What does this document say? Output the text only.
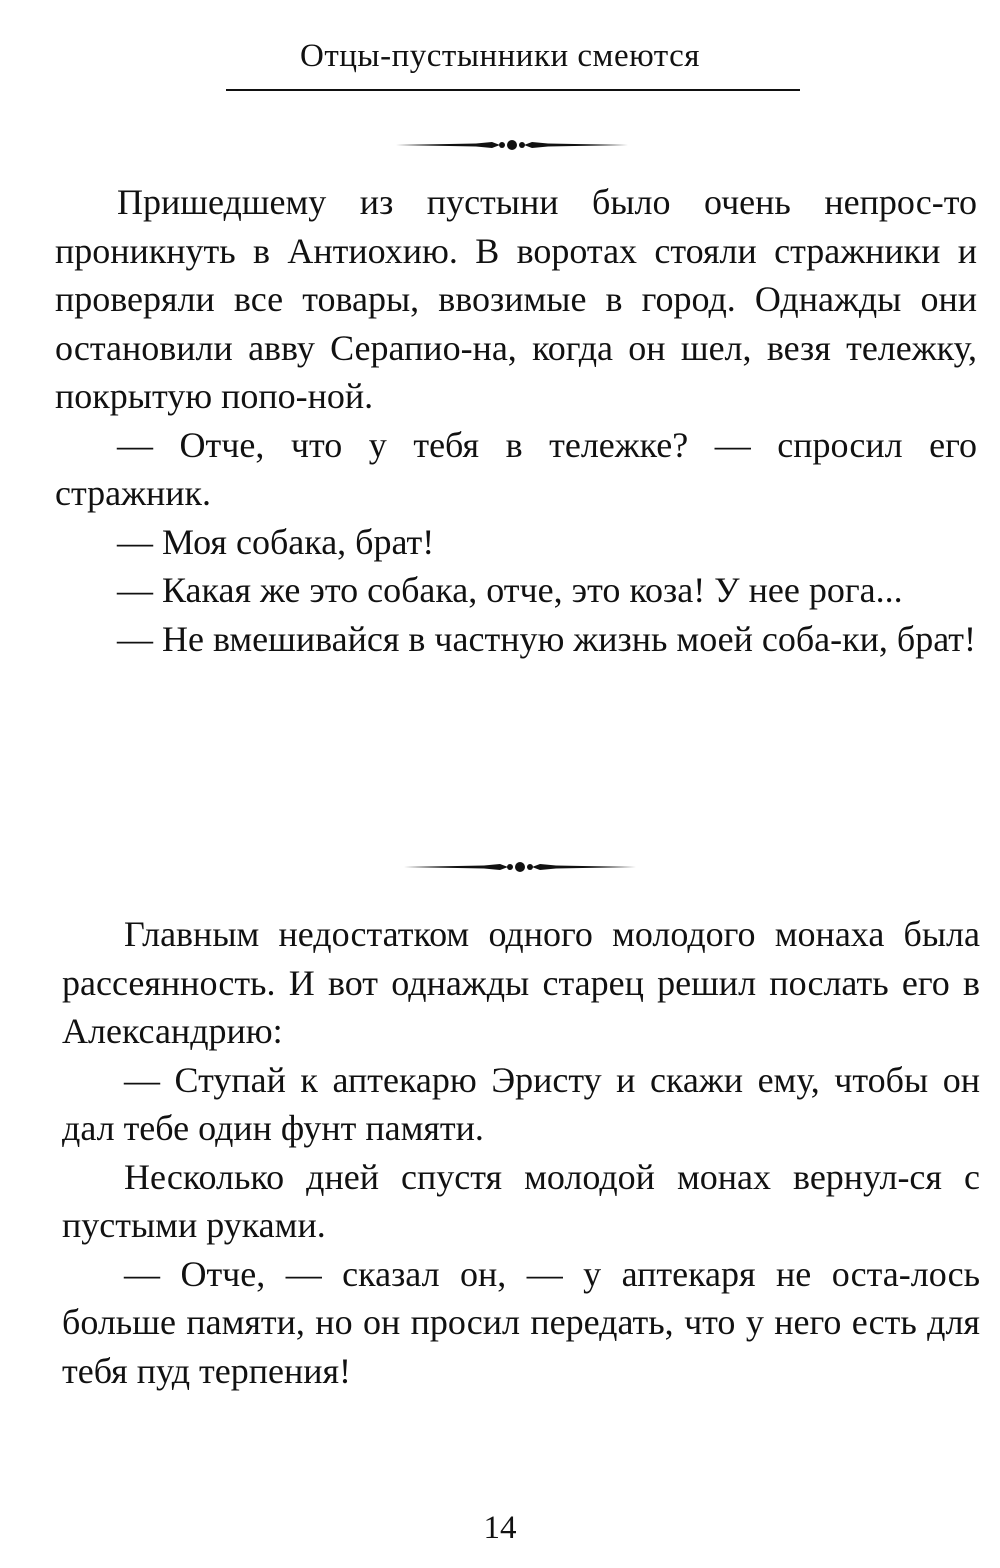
Отцы-пустынники смеются

Пришедшему из пустыни было очень непрос-то проникнуть в Антиохию. В воротах стояли стражники и проверяли все товары, ввозимые в город. Однажды они остановили авву Серапио-на, когда он шел, везя тележку, покрытую попо-ной.

— Отче, что у тебя в тележке? — спросил его стражник.

— Моя собака, брат!

— Какая же это собака, отче, это коза! У нее рога...

— Не вмешивайся в частную жизнь моей соба-ки, брат!

Главным недостатком одного молодого монаха была рассеянность. И вот однажды старец решил послать его в Александрию:

— Ступай к аптекарю Эристу и скажи ему, чтобы он дал тебе один фунт памяти.

Несколько дней спустя молодой монах вернул-ся с пустыми руками.

— Отче, — сказал он, — у аптекаря не оста-лось больше памяти, но он просил передать, что у него есть для тебя пуд терпения!

14
